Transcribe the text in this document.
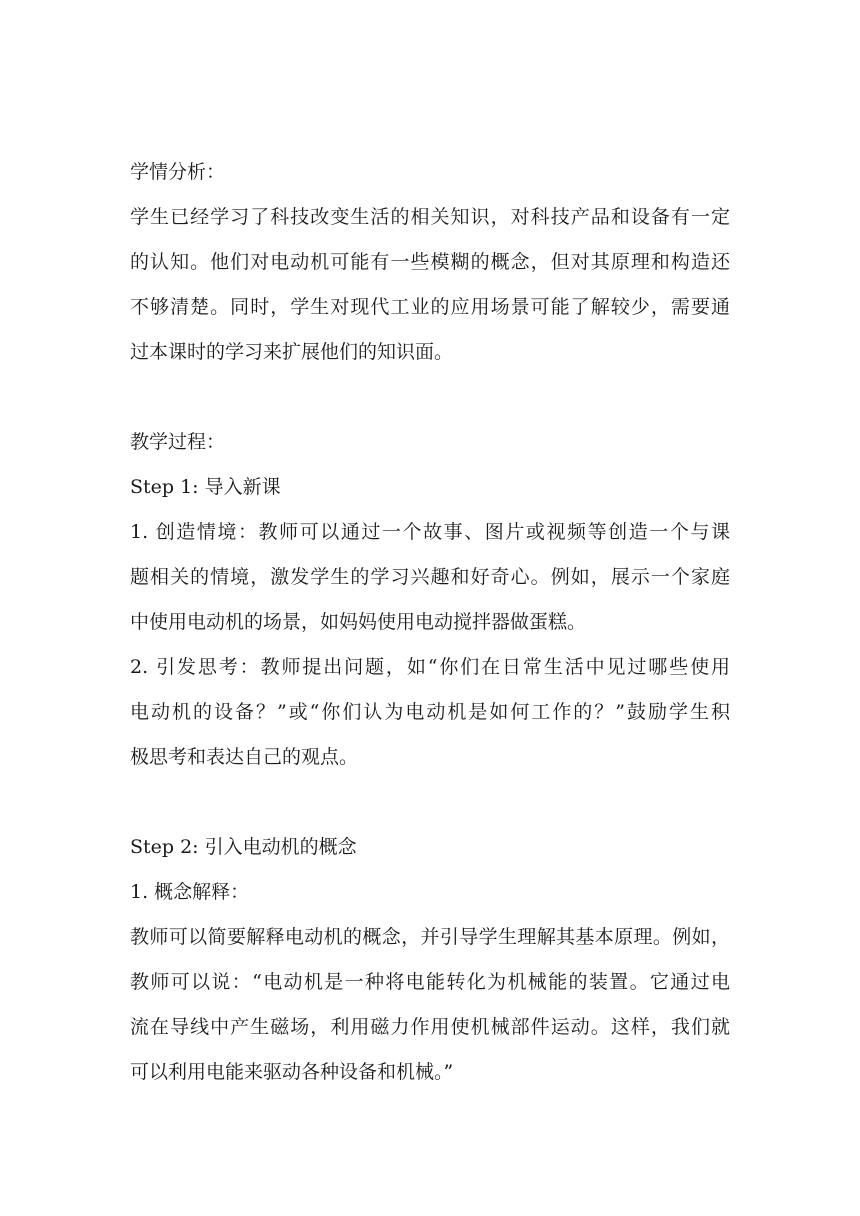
学情分析：
学生已经学习了科技改变生活的相关知识，对科技产品和设备有一定
的认知。他们对电动机可能有一些模糊的概念，但对其原理和构造还
不够清楚。同时，学生对现代工业的应用场景可能了解较少，需要通
过本课时的学习来扩展他们的知识面。
教学过程：
Step 1: 导入新课
1. 创造情境：教师可以通过一个故事、图片或视频等创造一个与课
题相关的情境，激发学生的学习兴趣和好奇心。例如，展示一个家庭
中使用电动机的场景，如妈妈使用电动搅拌器做蛋糕。
2. 引发思考：教师提出问题，如“你们在日常生活中见过哪些使用
电动机的设备？”或“你们认为电动机是如何工作的？”鼓励学生积
极思考和表达自己的观点。
Step 2: 引入电动机的概念
1. 概念解释：
教师可以简要解释电动机的概念，并引导学生理解其基本原理。例如，
教师可以说：“电动机是一种将电能转化为机械能的装置。它通过电
流在导线中产生磁场，利用磁力作用使机械部件运动。这样，我们就
可以利用电能来驱动各种设备和机械。”
